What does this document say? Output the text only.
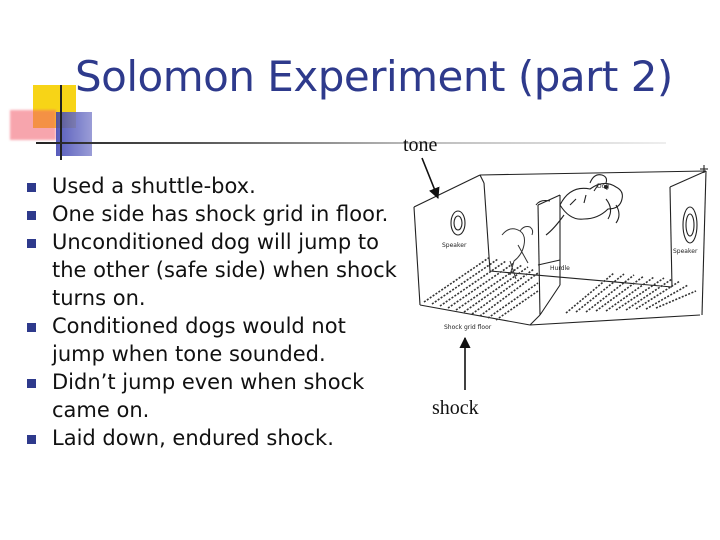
Solomon Experiment (part 2)
Used a shuttle-box.
One side has shock grid in floor.
Unconditioned dog will jump to the other (safe side) when shock turns on.
Conditioned dogs would not jump when tone sounded.
Didn’t jump even when shock came on.
Laid down, endured shock.
Dog
Speaker
Speaker
Hurdle
Shock grid floor
tone
shock
